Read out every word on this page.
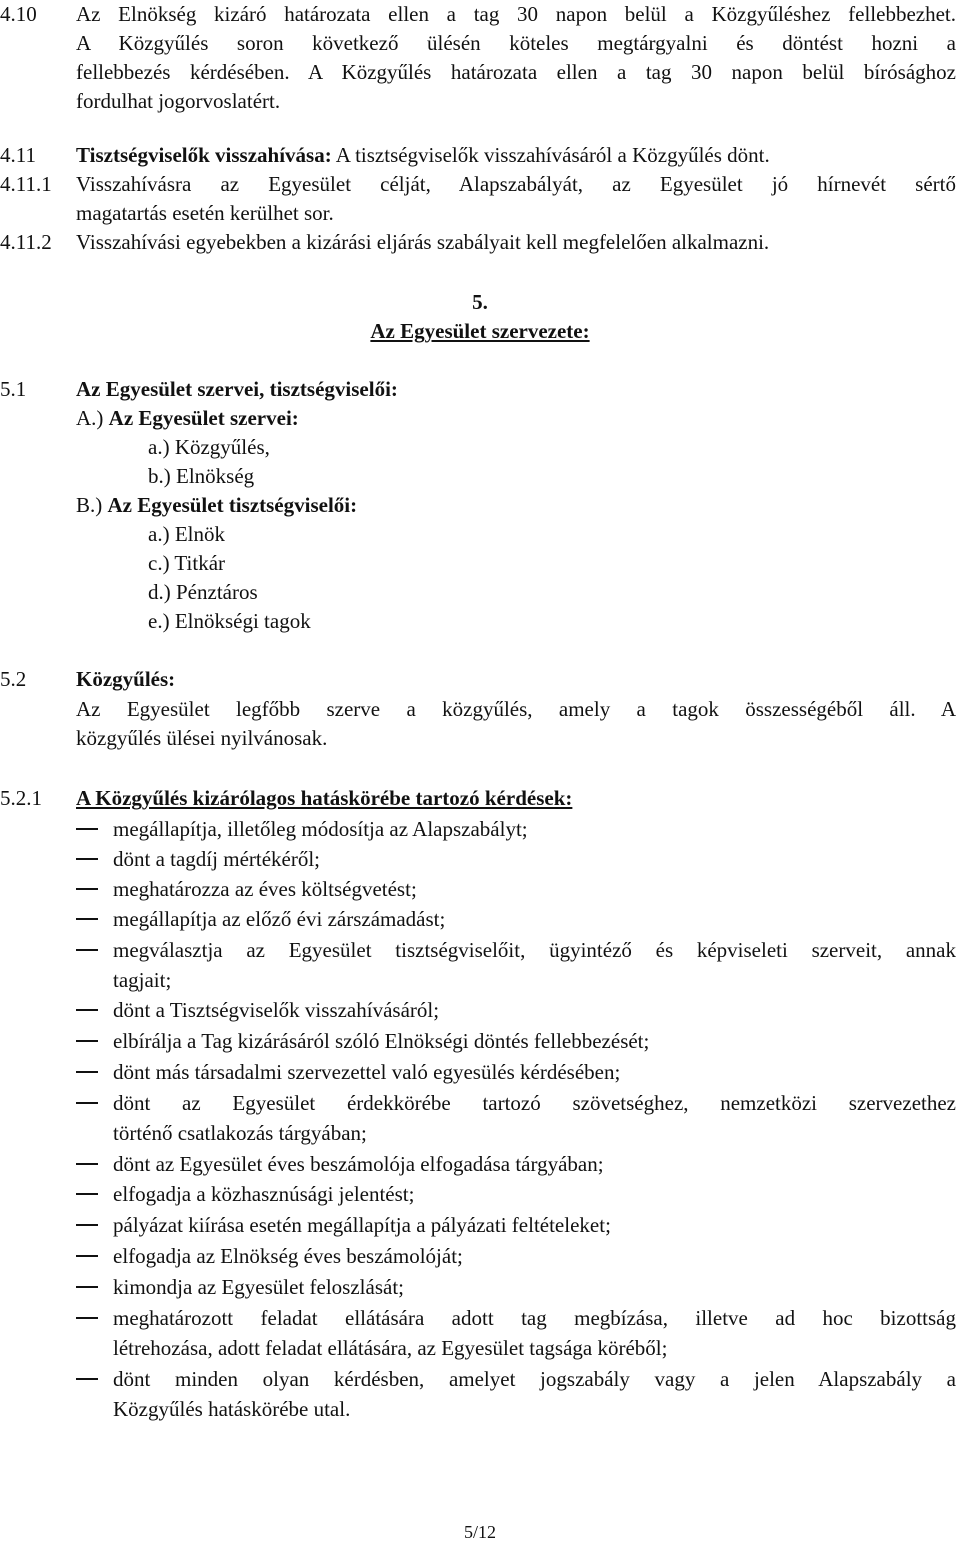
4.10 Az Elnökség kizáró határozata ellen a tag 30 napon belül a Közgyűléshez fellebbezhet.
A Közgyűlés soron következő ülésén köteles megtárgyalni és döntést hozni a
fellebbezés kérdésében. A Közgyűlés határozata ellen a tag 30 napon belül bírósághoz
fordulhat jogorvoslatért.
4.11 Tisztségviselők visszahívása: A tisztségviselők visszahívásáról a Közgyűlés dönt.
4.11.1 Visszahívásra az Egyesület célját, Alapszabályát, az Egyesület jó hírnevét sértő
magatartás esetén kerülhet sor.
4.11.2 Visszahívási egyebekben a kizárási eljárás szabályait kell megfelelően alkalmazni.
5.
Az Egyesület szervezete:
5.1 Az Egyesület szervei, tisztségviselői:
A.) Az Egyesület szervei:
a.) Közgyűlés,
b.) Elnökség
B.) Az Egyesület tisztségviselői:
a.) Elnök
c.) Titkár
d.) Pénztáros
e.) Elnökségi tagok
5.2 Közgyűlés:
Az Egyesület legfőbb szerve a közgyűlés, amely a tagok összességéből áll. A
közgyűlés ülései nyilvánosak.
5.2.1 A Közgyűlés kizárólagos hatáskörébe tartozó kérdések:
megállapítja, illetőleg módosítja az Alapszabályt;
dönt a tagdíj mértékéről;
meghatározza az éves költségvetést;
megállapítja az előző évi zárszámadást;
megválasztja az Egyesület tisztségviselőit, ügyintéző és képviseleti szerveit, annak
tagjait;
dönt a Tisztségviselők visszahívásáról;
elbírálja a Tag kizárásáról szóló Elnökségi döntés fellebbezését;
dönt más társadalmi szervezettel való egyesülés kérdésében;
dönt az Egyesület érdekkörébe tartozó szövetséghez, nemzetközi szervezethez
történő csatlakozás tárgyában;
dönt az Egyesület éves beszámolója elfogadása tárgyában;
elfogadja a közhasznúsági jelentést;
pályázat kiírása esetén megállapítja a pályázati feltételeket;
elfogadja az Elnökség éves beszámolóját;
kimondja az Egyesület feloszlását;
meghatározott feladat ellátására adott tag megbízása, illetve ad hoc bizottság
létrehozása, adott feladat ellátására, az Egyesület tagsága köréből;
dönt minden olyan kérdésben, amelyet jogszabály vagy a jelen Alapszabály a
Közgyűlés hatáskörébe utal.
5/12
